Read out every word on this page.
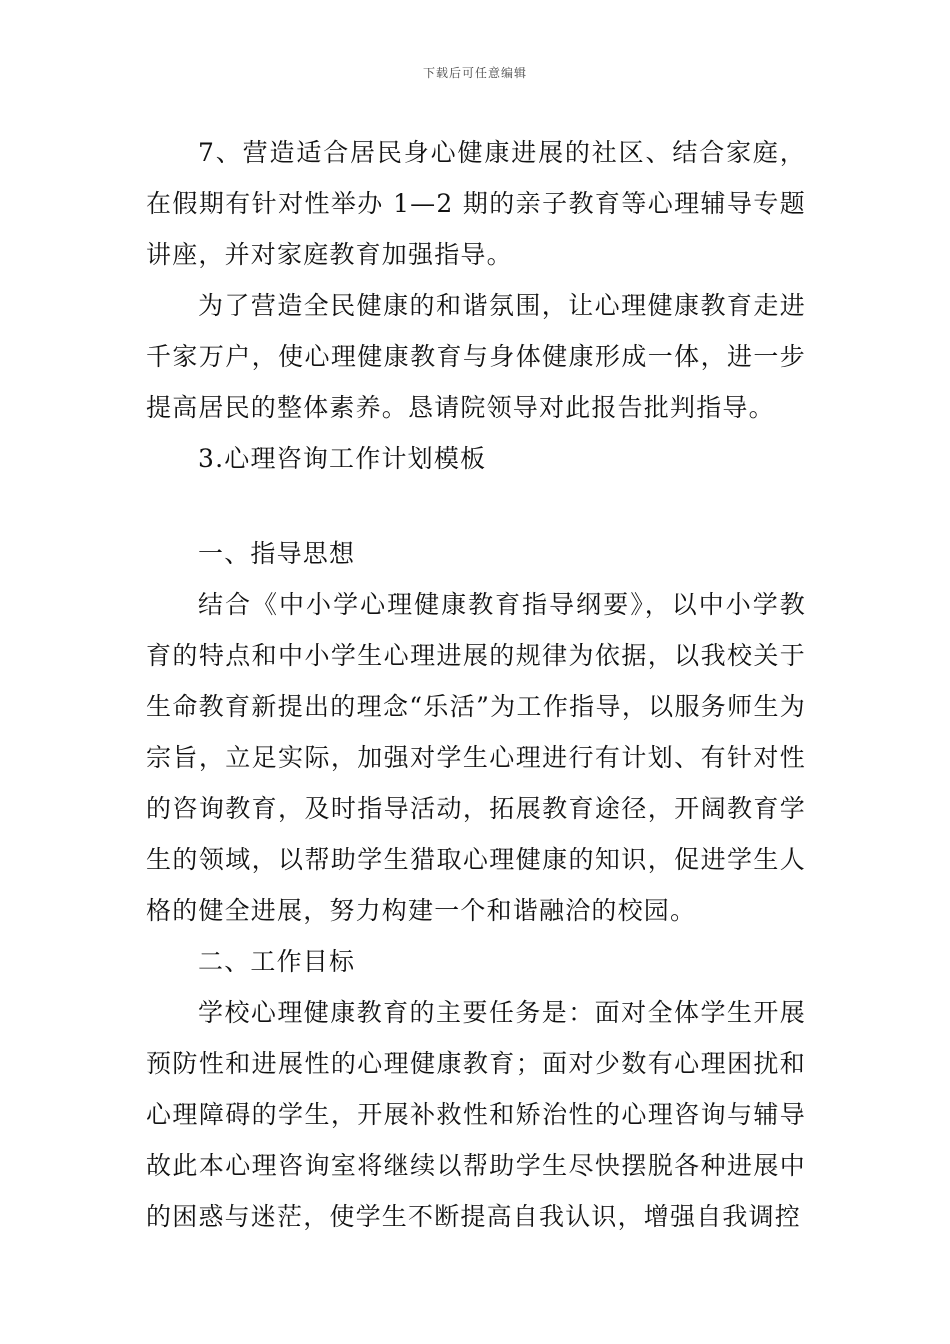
下载后可任意编辑

7、营造适合居民身心健康进展的社区、结合家庭，在假期有针对性举办 1—2 期的亲子教育等心理辅导专题讲座，并对家庭教育加强指导。

为了营造全民健康的和谐氛围，让心理健康教育走进千家万户，使心理健康教育与身体健康形成一体，进一步提高居民的整体素养。恳请院领导对此报告批判指导。

3.心理咨询工作计划模板

一、指导思想

结合《中小学心理健康教育指导纲要》，以中小学教育的特点和中小学生心理进展的规律为依据，以我校关于生命教育新提出的理念“乐活”为工作指导，以服务师生为宗旨，立足实际，加强对学生心理进行有计划、有针对性的咨询教育，及时指导活动，拓展教育途径，开阔教育学生的领域，以帮助学生猎取心理健康的知识，促进学生人格的健全进展，努力构建一个和谐融洽的校园。

二、工作目标

学校心理健康教育的主要任务是：面对全体学生开展预防性和进展性的心理健康教育；面对少数有心理困扰和心理障碍的学生，开展补救性和矫治性的心理咨询与辅导故此本心理咨询室将继续以帮助学生尽快摆脱各种进展中的困惑与迷茫，使学生不断提高自我认识，增强自我调控
